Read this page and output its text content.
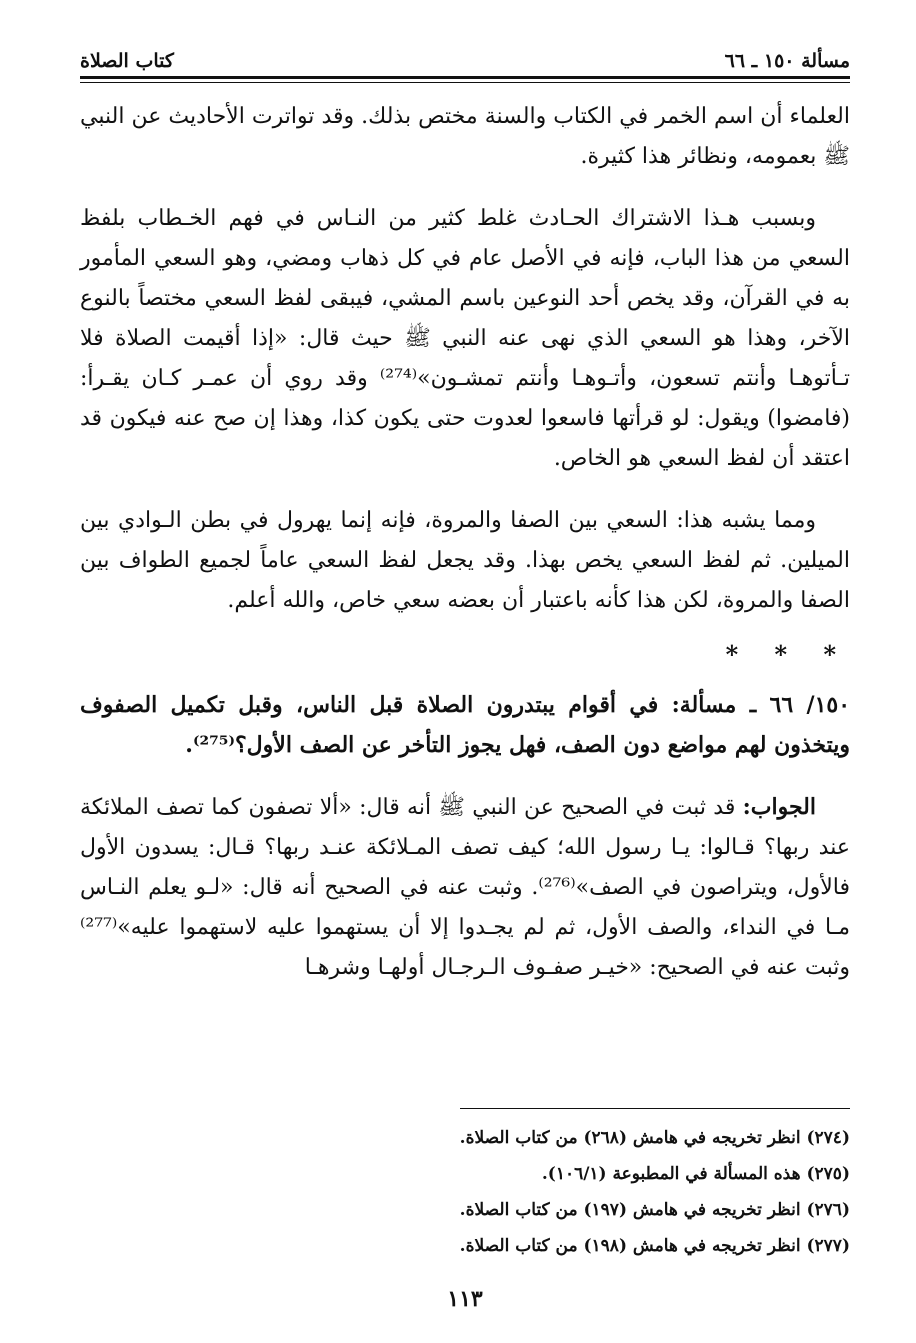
مسألة ١٥٠ ـ ٦٦
كتاب الصلاة

العلماء أن اسم الخمر في الكتاب والسنة مختص بذلك. وقد تواترت الأحاديث عن النبي ﷺ بعمومه، ونظائر هذا كثيرة.

وبسبب هـذا الاشتراك الحـادث غلط كثير من النـاس في فهم الخـطاب بلفظ السعي من هذا الباب، فإنه في الأصل عام في كل ذهاب ومضي، وهو السعي المأمور به في القرآن، وقد يخص أحد النوعين باسم المشي، فيبقى لفظ السعي مختصاً بالنوع الآخر، وهذا هو السعي الذي نهى عنه النبي ﷺ حيث قال: «إذا أقيمت الصلاة فلا تـأتوهـا وأنتم تسعون، وأتـوهـا وأنتم تمشـون»⁽²⁷⁴⁾ وقد روي أن عمـر كـان يقـرأ: (فامضوا) ويقول: لو قرأتها فاسعوا لعدوت حتى يكون كذا، وهذا إن صح عنه فيكون قد اعتقد أن لفظ السعي هو الخاص.

ومما يشبه هذا: السعي بين الصفا والمروة، فإنه إنما يهرول في بطن الـوادي بين الميلين. ثم لفظ السعي يخص بهذا. وقد يجعل لفظ السعي عاماً لجميع الطواف بين الصفا والمروة، لكن هذا كأنه باعتبار أن بعضه سعي خاص، والله أعلم.

* * *

١٥٠/ ٦٦ ـ مسألة: في أقوام يبتدرون الصلاة قبل الناس، وقبل تكميل الصفوف ويتخذون لهم مواضع دون الصف، فهل يجوز التأخر عن الصف الأول؟⁽²⁷⁵⁾.

الجواب: قد ثبت في الصحيح عن النبي ﷺ أنه قال: «ألا تصفون كما تصف الملائكة عند ربها؟ قـالوا: يـا رسول الله؛ كيف تصف المـلائكة عنـد ربها؟ قـال: يسدون الأول فالأول، ويتراصون في الصف»⁽²⁷⁶⁾. وثبت عنه في الصحيح أنه قال: «لـو يعلم النـاس مـا في النداء، والصف الأول، ثم لم يجـدوا إلا أن يستهموا عليه لاستهموا عليه»⁽²⁷⁷⁾ وثبت عنه في الصحيح: «خيـر صفـوف الـرجـال أولهـا وشرهـا

(٢٧٤) انظر تخريجه في هامش (٢٦٨) من كتاب الصلاة.

(٢٧٥) هذه المسألة في المطبوعة (١٠٦/١).

(٢٧٦) انظر تخريجه في هامش (١٩٧) من كتاب الصلاة.

(٢٧٧) انظر تخريجه في هامش (١٩٨) من كتاب الصلاة.

١١٣
